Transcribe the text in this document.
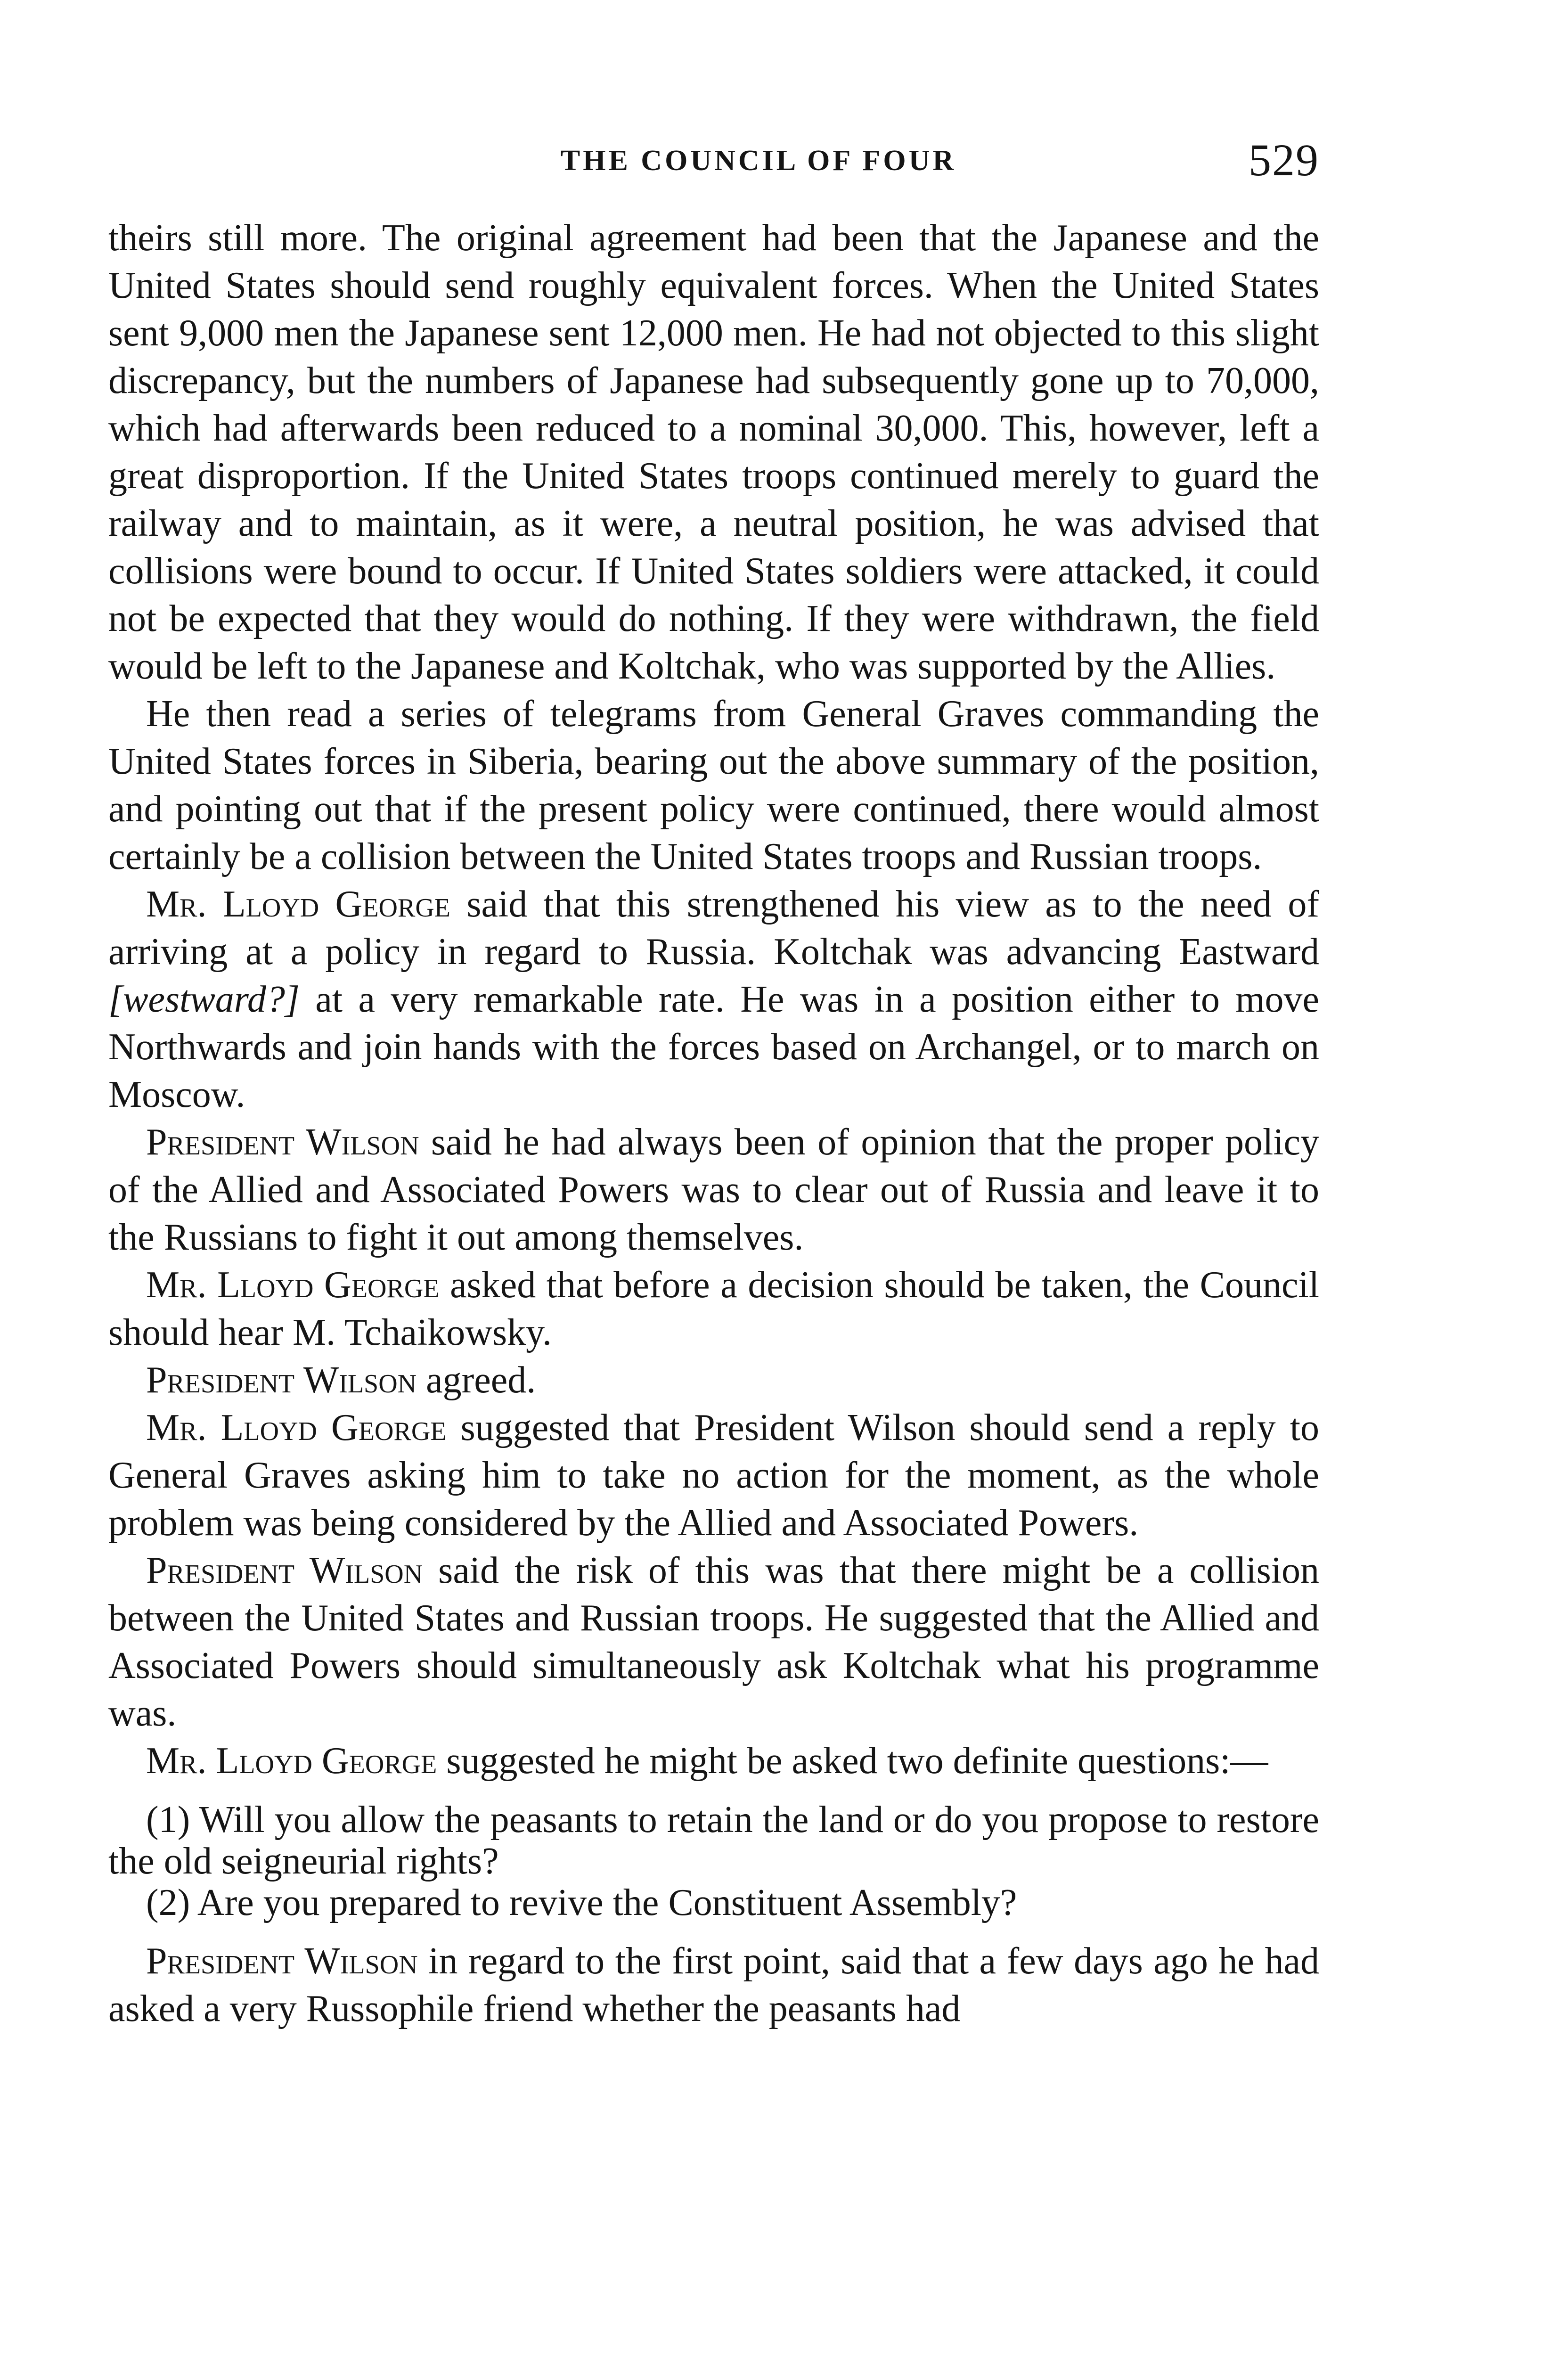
THE COUNCIL OF FOUR	529

theirs still more. The original agreement had been that the Japanese and the United States should send roughly equivalent forces. When the United States sent 9,000 men the Japanese sent 12,000 men. He had not objected to this slight discrepancy, but the numbers of Japanese had subsequently gone up to 70,000, which had afterwards been reduced to a nominal 30,000. This, however, left a great disproportion. If the United States troops continued merely to guard the railway and to maintain, as it were, a neutral position, he was advised that collisions were bound to occur. If United States soldiers were attacked, it could not be expected that they would do nothing. If they were withdrawn, the field would be left to the Japanese and Koltchak, who was supported by the Allies.

He then read a series of telegrams from General Graves commanding the United States forces in Siberia, bearing out the above summary of the position, and pointing out that if the present policy were continued, there would almost certainly be a collision between the United States troops and Russian troops.

Mr. Lloyd George said that this strengthened his view as to the need of arriving at a policy in regard to Russia. Koltchak was advancing Eastward [westward?] at a very remarkable rate. He was in a position either to move Northwards and join hands with the forces based on Archangel, or to march on Moscow.

President Wilson said he had always been of opinion that the proper policy of the Allied and Associated Powers was to clear out of Russia and leave it to the Russians to fight it out among themselves.

Mr. Lloyd George asked that before a decision should be taken, the Council should hear M. Tchaikowsky.

President Wilson agreed.

Mr. Lloyd George suggested that President Wilson should send a reply to General Graves asking him to take no action for the moment, as the whole problem was being considered by the Allied and Associated Powers.

President Wilson said the risk of this was that there might be a collision between the United States and Russian troops. He suggested that the Allied and Associated Powers should simultaneously ask Koltchak what his programme was.

Mr. Lloyd George suggested he might be asked two definite questions:—

(1) Will you allow the peasants to retain the land or do you propose to restore the old seigneurial rights?

(2) Are you prepared to revive the Constituent Assembly?

President Wilson in regard to the first point, said that a few days ago he had asked a very Russophile friend whether the peasants had
